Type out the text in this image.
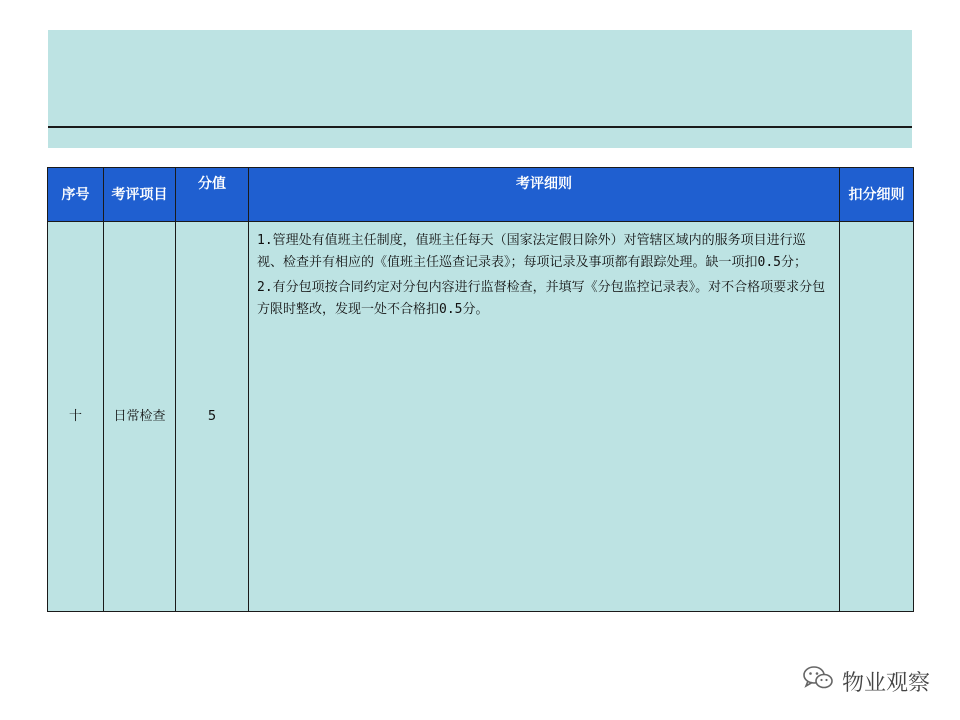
序号	考评项目	分值	考评细则	扣分细则
十	日常检查	5	1.管理处有值班主任制度，值班主任每天（国家法定假日除外）对管辖区域内的服务项目进行巡视、检查并有相应的《值班主任巡查记录表》；每项记录及事项都有跟踪处理。缺一项扣0.5分；

2.有分包项按合同约定对分包内容进行监督检查，并填写《分包监控记录表》。对不合格项要求分包方限时整改，发现一处不合格扣0.5分。	

物业观察
